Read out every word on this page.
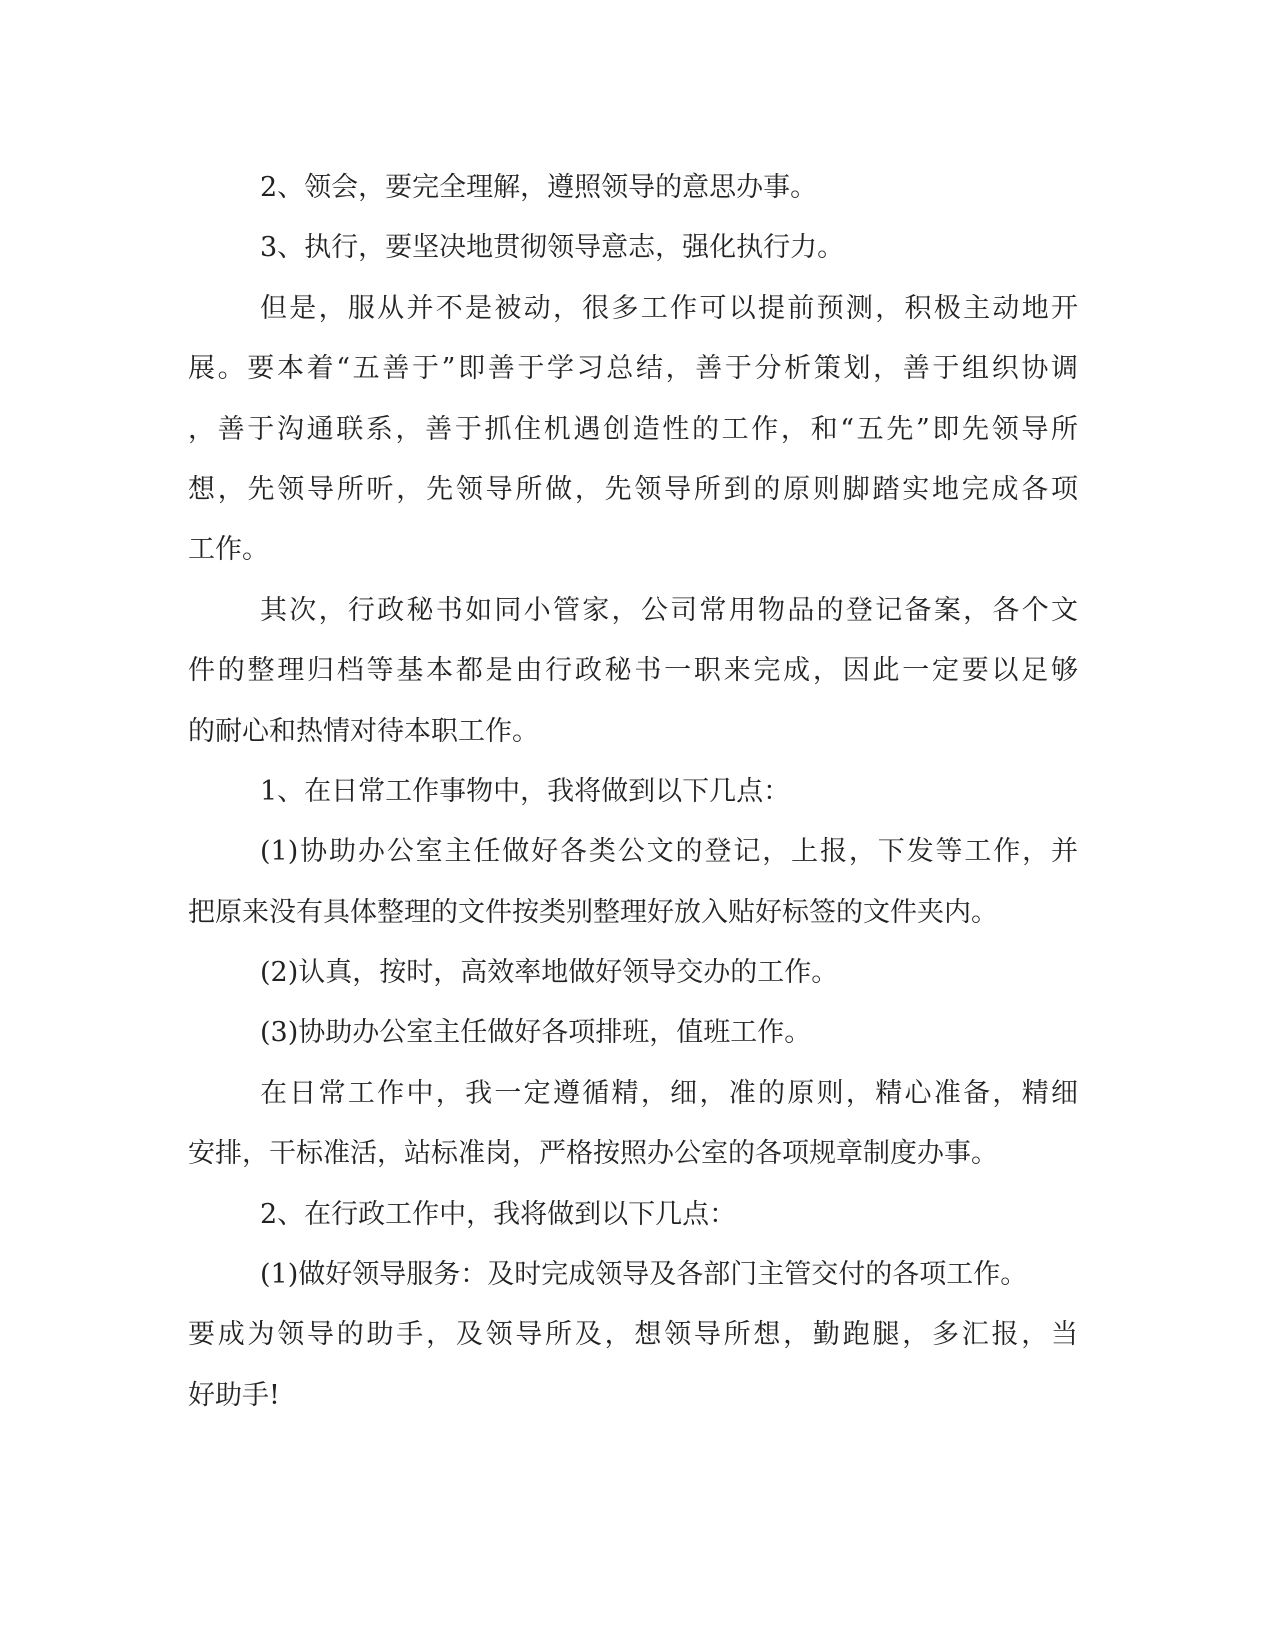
2、领会，要完全理解，遵照领导的意思办事。
3、执行，要坚决地贯彻领导意志，强化执行力。
但是，服从并不是被动，很多工作可以提前预测，积极主动地开
展。要本着“五善于”即善于学习总结，善于分析策划，善于组织协调
，善于沟通联系，善于抓住机遇创造性的工作，和“五先”即先领导所
想，先领导所听，先领导所做，先领导所到的原则脚踏实地完成各项
工作。
其次，行政秘书如同小管家，公司常用物品的登记备案，各个文
件的整理归档等基本都是由行政秘书一职来完成，因此一定要以足够
的耐心和热情对待本职工作。
1、在日常工作事物中，我将做到以下几点：
(1)协助办公室主任做好各类公文的登记，上报，下发等工作，并
把原来没有具体整理的文件按类别整理好放入贴好标签的文件夹内。
(2)认真，按时，高效率地做好领导交办的工作。
(3)协助办公室主任做好各项排班，值班工作。
在日常工作中，我一定遵循精，细，准的原则，精心准备，精细
安排，干标准活，站标准岗，严格按照办公室的各项规章制度办事。
2、在行政工作中，我将做到以下几点：
(1)做好领导服务：及时完成领导及各部门主管交付的各项工作。
要成为领导的助手，及领导所及，想领导所想，勤跑腿，多汇报，当
好助手!
